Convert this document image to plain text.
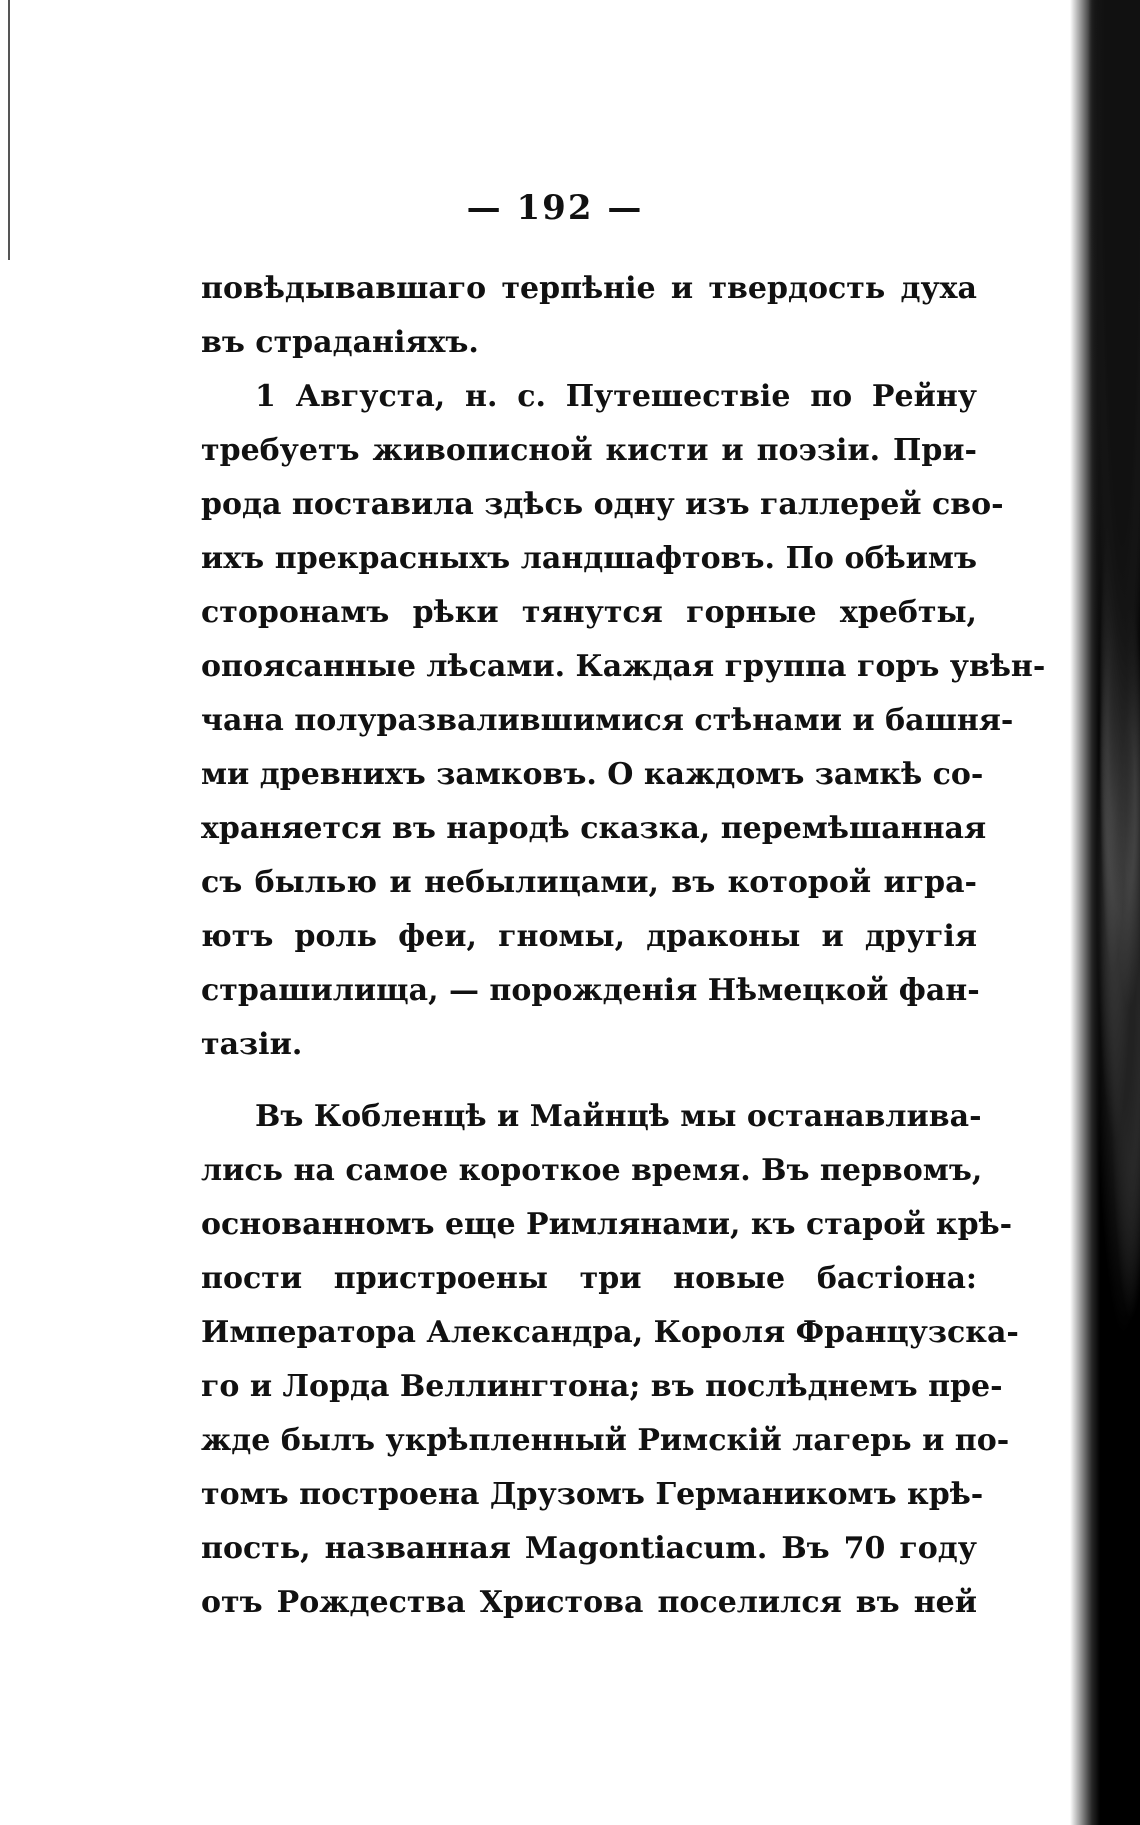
— 192 —
повѣдывавшаго терпѣніе и твердость духа
въ страданіяхъ.
1 Августа, н. с. Путешествіе по Рейну
требуетъ живописной кисти и поэзіи. При-
рода поставила здѣсь одну изъ галлерей сво-
ихъ прекрасныхъ ландшафтовъ. По обѣимъ
сторонамъ рѣки тянутся горные хребты,
опоясанные лѣсами. Каждая группа горъ увѣн-
чана полуразвалившимися стѣнами и башня-
ми древнихъ замковъ. О каждомъ замкѣ со-
храняется въ народѣ сказка, перемѣшанная
съ былью и небылицами, въ которой игра-
ютъ роль феи, гномы, драконы и другія
страшилища, — порожденія Нѣмецкой фан-
тазіи.
Въ Кобленцѣ и Майнцѣ мы останавлива-
лись на самое короткое время. Въ первомъ,
основанномъ еще Римлянами, къ старой крѣ-
пости пристроены три новые бастіона:
Императора Александра, Короля Французска-
го и Лорда Веллингтона; въ послѣднемъ пре-
жде былъ укрѣпленный Римскій лагерь и по-
томъ построена Друзомъ Германикомъ крѣ-
пость, названная Magontiacum. Въ 70 году
отъ Рождества Христова поселился въ ней
